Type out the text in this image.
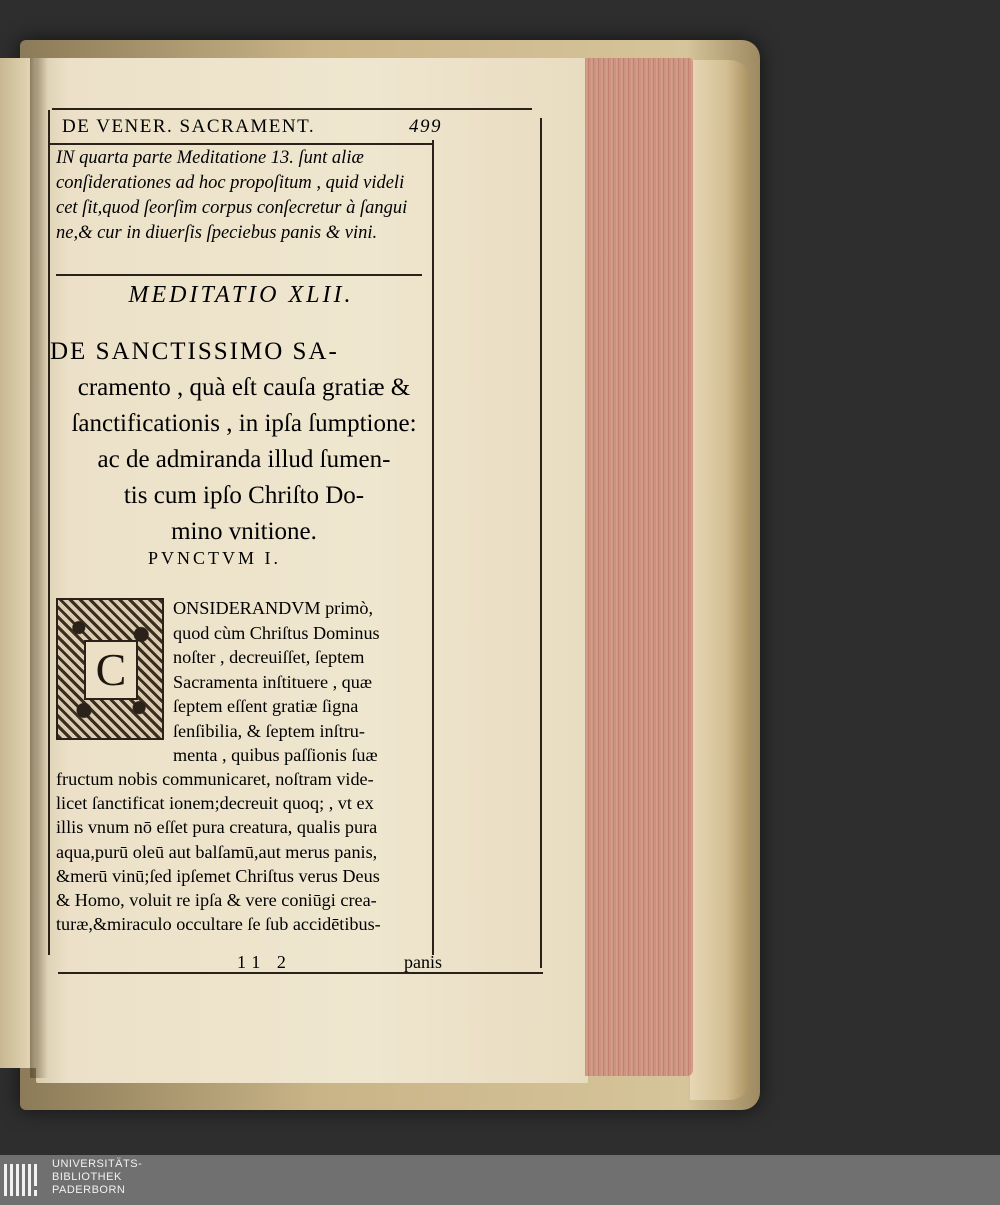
DE VENER. SACRAMENT.	499
IN quarta parte Meditatione 13. ſunt aliæ
conſiderationes ad hoc propoſitum , quid videli
cet ſit,quod ſeorſim corpus conſecretur à ſangui
ne,& cur in diuerſis ſpeciebus panis & vini.
MEDITATIO XLII.
DE SANCTISSIMO SA-
cramento , quà eſt cauſa gratiæ &
ſanctificationis , in ipſa ſumptione:
ac de admiranda illud ſumen-
tis cum ipſo Chriſto Do-
mino vnitione.
PVNCTVM I.
C
ONSIDERANDVM primò,
quod cùm Chriſtus Dominus
noſter , decreuiſſet, ſeptem
Sacramenta inſtituere , quæ
ſeptem eſſent gratiæ ſigna
ſenſibilia, & ſeptem inſtru-
menta , quibus paſſionis ſuæ
fructum nobis communicaret, noſtram vide-
licet ſanctificat ionem;decreuit quoq; , vt ex
illis vnum nō eſſet pura creatura, qualis pura
aqua,purū oleū aut balſamū,aut merus panis,
&merū vinū;ſed ipſemet Chriſtus verus Deus
& Homo, voluit re ipſa & vere coniūgi crea-
turæ,&miraculo occultare ſe ſub accidētibus-
11 2	panis
UNIVERSITÄTS-
BIBLIOTHEK
PADERBORN
